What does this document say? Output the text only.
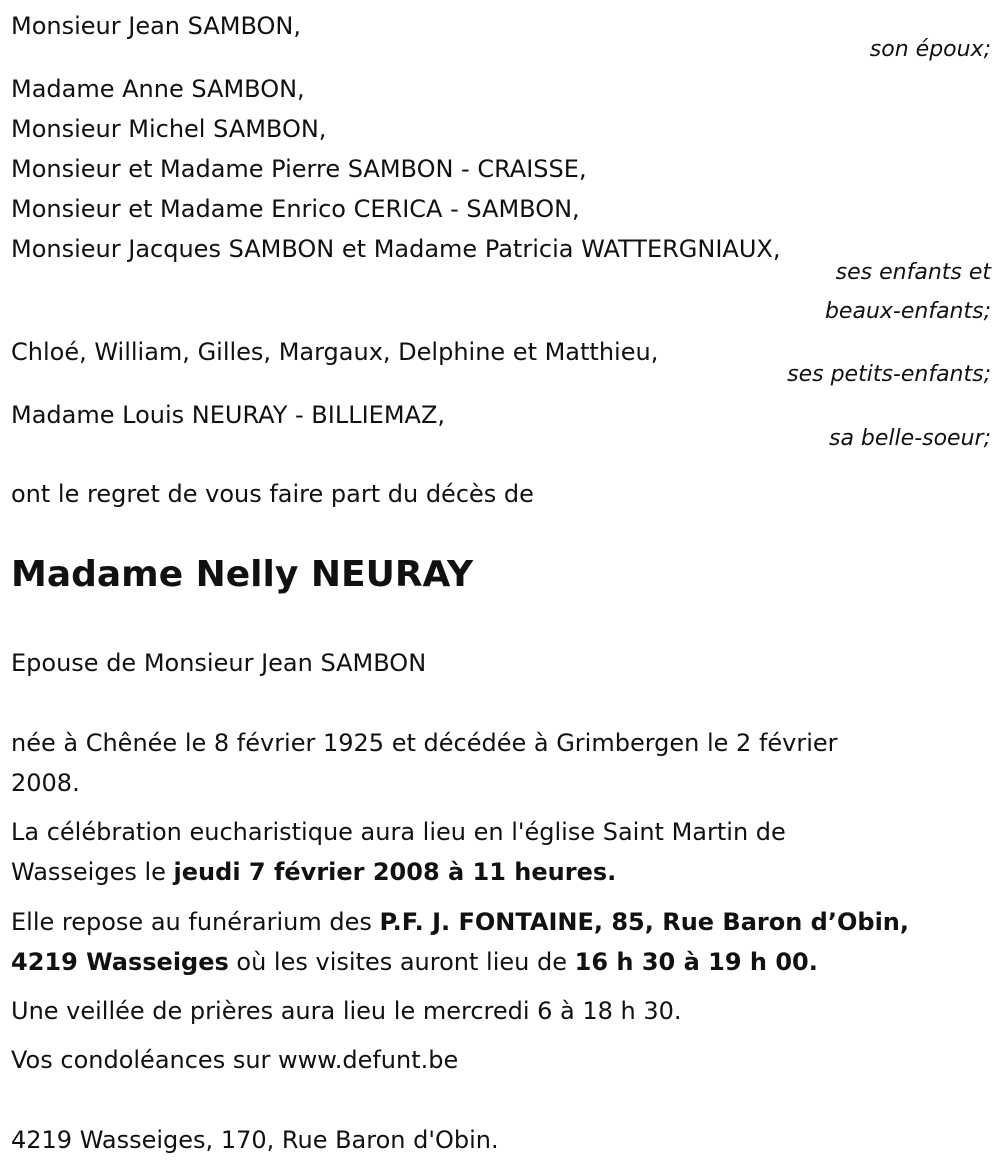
Monsieur Jean SAMBON,
son époux;
Madame Anne SAMBON,
Monsieur Michel SAMBON,
Monsieur et Madame Pierre SAMBON - CRAISSE,
Monsieur et Madame Enrico CERICA - SAMBON,
Monsieur Jacques SAMBON et Madame Patricia WATTERGNIAUX,
ses enfants et
beaux-enfants;
Chloé, William, Gilles, Margaux, Delphine et Matthieu,
ses petits-enfants;
Madame Louis NEURAY - BILLIEMAZ,
sa belle-soeur;
ont le regret de vous faire part du décès de
Madame Nelly NEURAY
Epouse de Monsieur Jean SAMBON
née à Chênée le 8 février 1925 et décédée à Grimbergen le 2 février
2008.
La célébration eucharistique aura lieu en l'église Saint Martin de
Wasseiges le jeudi 7 février 2008 à 11 heures.
Elle repose au funérarium des P.F. J. FONTAINE, 85, Rue Baron d’Obin,
4219 Wasseiges où les visites auront lieu de 16 h 30 à 19 h 00.
Une veillée de prières aura lieu le mercredi 6 à 18 h 30.
Vos condoléances sur www.defunt.be
4219 Wasseiges, 170, Rue Baron d'Obin.
